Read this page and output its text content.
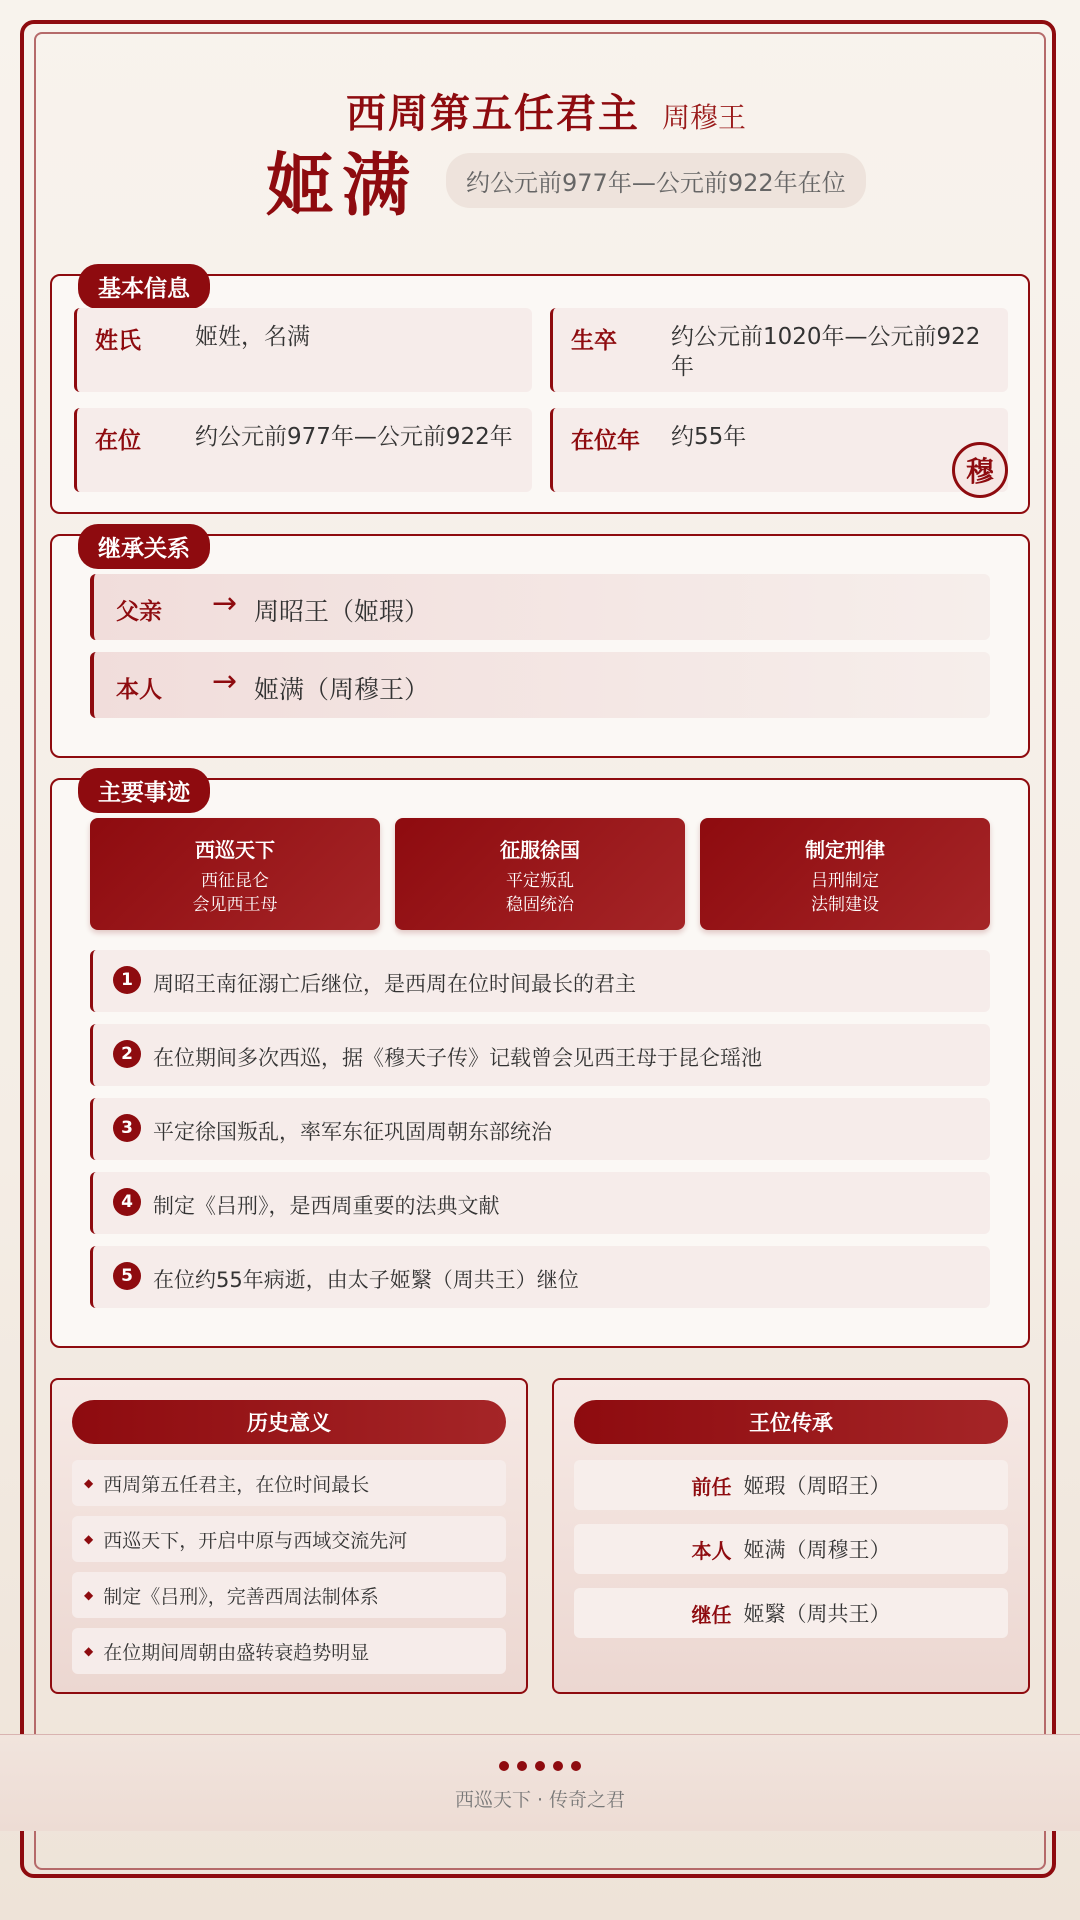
西周第五任君主 周穆王
姬满	约公元前977年—公元前922年在位
基本信息
姓氏 姬姓，名满	生卒 约公元前1020年—公元前922年
在位 约公元前977年—公元前922年	在位年 约55年
穆
继承关系
父亲 → 周昭王（姬瑕）
本人 → 姬满（周穆王）
主要事迹
西巡天下
西征昆仑
会见西王母
征服徐国
平定叛乱
稳固统治
制定刑律
吕刑制定
法制建设
1 周昭王南征溺亡后继位，是西周在位时间最长的君主
2 在位期间多次西巡，据《穆天子传》记载曾会见西王母于昆仑瑶池
3 平定徐国叛乱，率军东征巩固周朝东部统治
4 制定《吕刑》，是西周重要的法典文献
5 在位约55年病逝，由太子姬繄（周共王）继位
历史意义
◆ 西周第五任君主，在位时间最长
◆ 西巡天下，开启中原与西域交流先河
◆ 制定《吕刑》，完善西周法制体系
◆ 在位期间周朝由盛转衰趋势明显
王位传承
前任 姬瑕（周昭王）
本人 姬满（周穆王）
继任 姬繄（周共王）
西巡天下 · 传奇之君
